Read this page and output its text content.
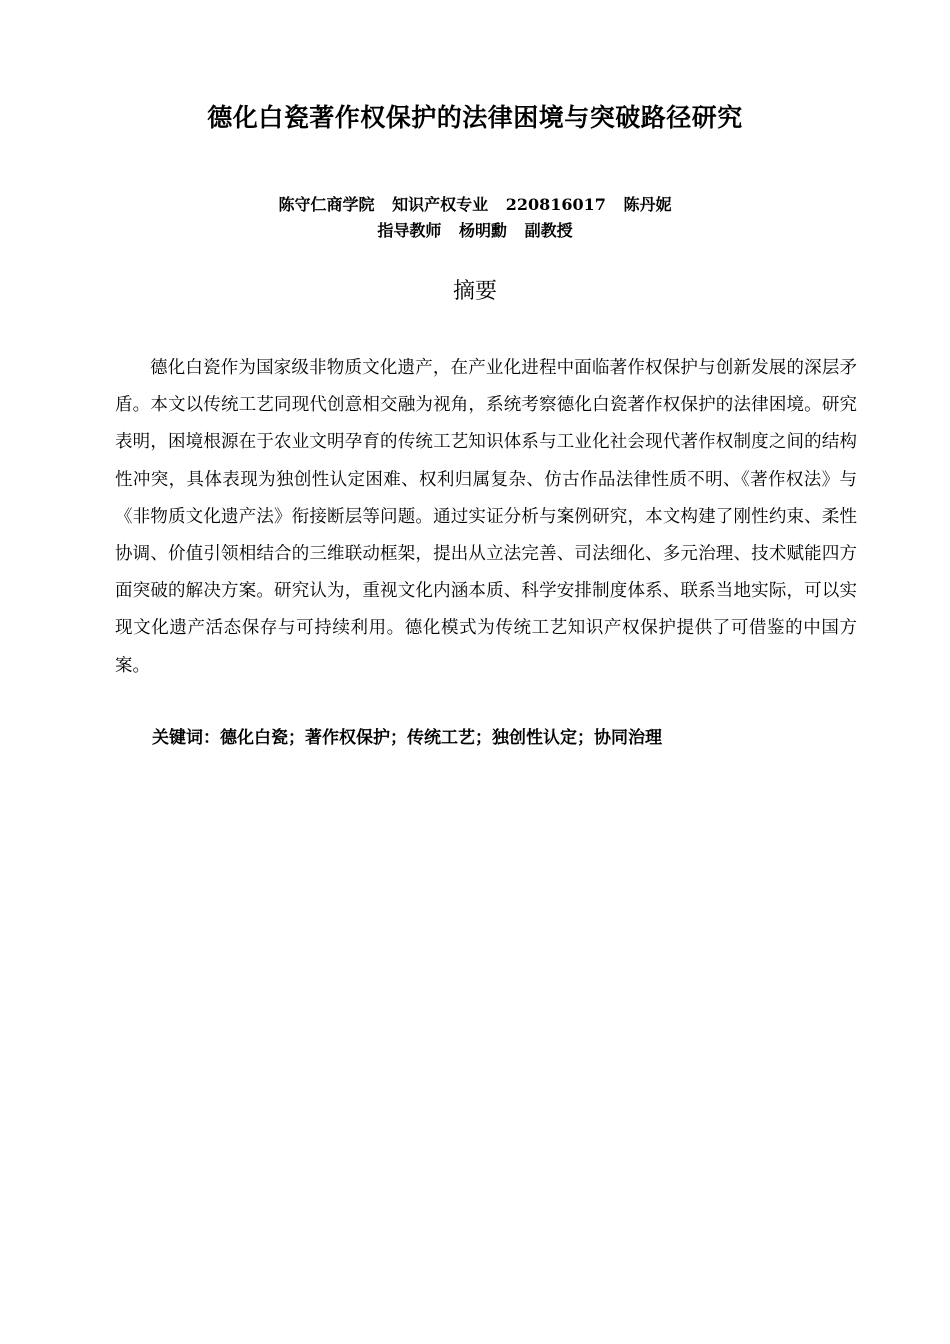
德化白瓷著作权保护的法律困境与突破路径研究
陈守仁商学院 知识产权专业 220816017 陈丹妮
指导教师 杨明勳 副教授
摘要

德化白瓷作为国家级非物质文化遗产，在产业化进程中面临著作权保护与创新发展的深层矛盾。本文以传统工艺同现代创意相交融为视角，系统考察德化白瓷著作权保护的法律困境。研究表明，困境根源在于农业文明孕育的传统工艺知识体系与工业化社会现代著作权制度之间的结构性冲突，具体表现为独创性认定困难、权利归属复杂、仿古作品法律性质不明、《著作权法》与《非物质文化遗产法》衔接断层等问题。通过实证分析与案例研究，本文构建了刚性约束、柔性协调、价值引领相结合的三维联动框架，提出从立法完善、司法细化、多元治理、技术赋能四方面突破的解决方案。研究认为，重视文化内涵本质、科学安排制度体系、联系当地实际，可以实现文化遗产活态保存与可持续利用。德化模式为传统工艺知识产权保护提供了可借鉴的中国方案。

关键词：德化白瓷；著作权保护；传统工艺；独创性认定；协同治理
